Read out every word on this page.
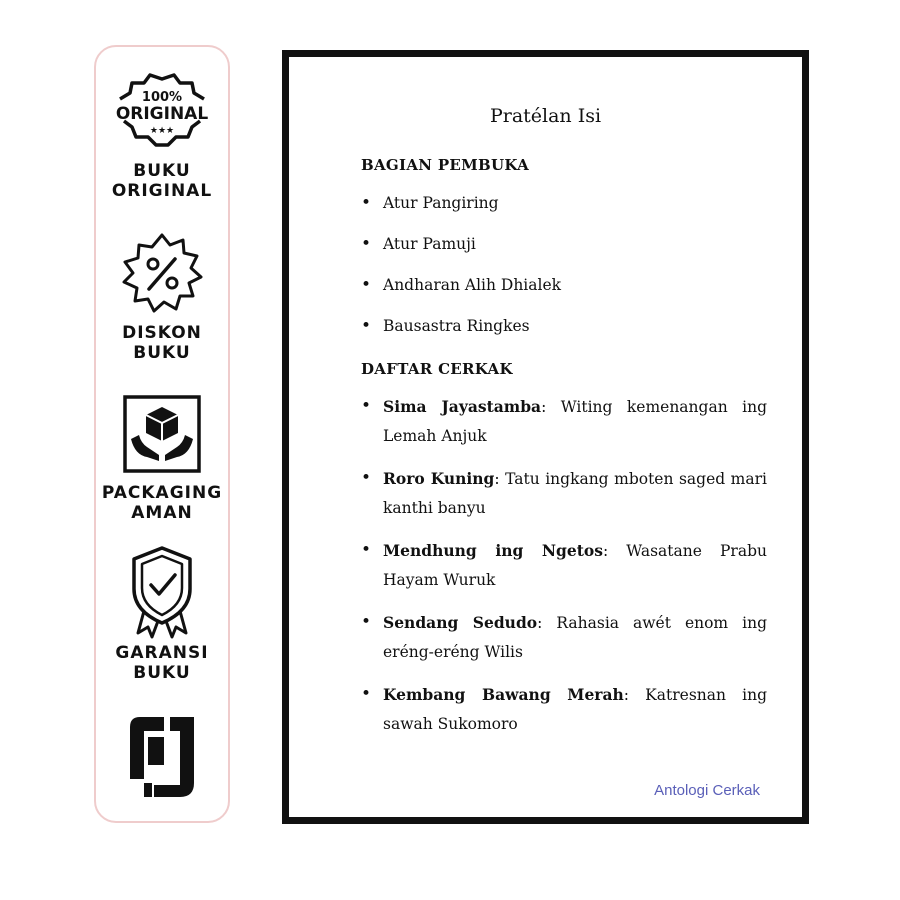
100%
ORIGINAL
★★★
BUKU
ORIGINAL
DISKON
BUKU
PACKAGING
AMAN
GARANSI
BUKU
Pratélan Isi
BAGIAN PEMBUKA
• Atur Pangiring
• Atur Pamuji
• Andharan Alih Dhialek
• Bausastra Ringkes
DAFTAR CERKAK
• Sima Jayastamba: Witing kemenangan ing Lemah Anjuk
• Roro Kuning: Tatu ingkang mboten saged mari kanthi banyu
• Mendhung ing Ngetos: Wasatane Prabu Hayam Wuruk
• Sendang Sedudo: Rahasia awét enom ing eréng-eréng Wilis
• Kembang Bawang Merah: Katresnan ing sawah Sukomoro
Antologi Cerkak
